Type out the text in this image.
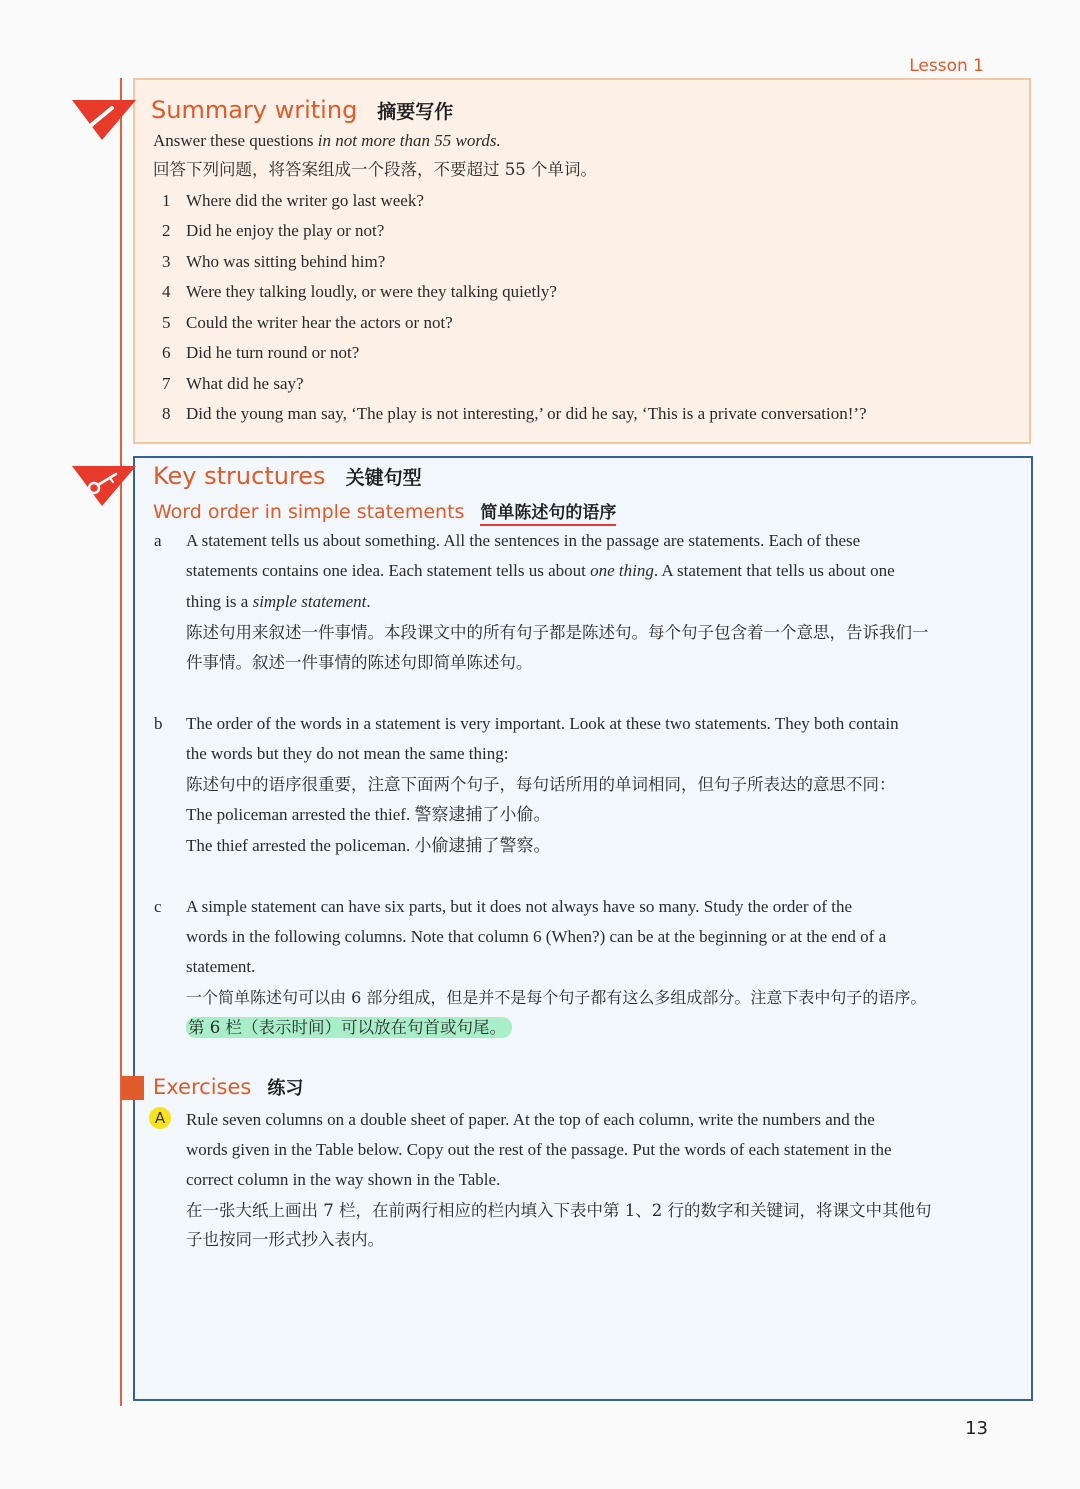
Lesson 1
Summary writing 摘要写作
Answer these questions in not more than 55 words.
回答下列问题，将答案组成一个段落，不要超过 55 个单词。
1 Where did the writer go last week?
2 Did he enjoy the play or not?
3 Who was sitting behind him?
4 Were they talking loudly, or were they talking quietly?
5 Could the writer hear the actors or not?
6 Did he turn round or not?
7 What did he say?
8 Did the young man say, ‘The play is not interesting,’ or did he say, ‘This is a private conversation!’?
Key structures 关键句型
Word order in simple statements 简单陈述句的语序
a A statement tells us about something. All the sentences in the passage are statements. Each of these
statements contains one idea. Each statement tells us about one thing. A statement that tells us about one
thing is a simple statement.
陈述句用来叙述一件事情。本段课文中的所有句子都是陈述句。每个句子包含着一个意思，告诉我们一
件事情。叙述一件事情的陈述句即简单陈述句。
b The order of the words in a statement is very important. Look at these two statements. They both contain
the words but they do not mean the same thing:
陈述句中的语序很重要，注意下面两个句子，每句话所用的单词相同，但句子所表达的意思不同：
The policeman arrested the thief. 警察逮捕了小偷。
The thief arrested the policeman. 小偷逮捕了警察。
c A simple statement can have six parts, but it does not always have so many. Study the order of the
words in the following columns. Note that column 6 (When?) can be at the beginning or at the end of a
statement.
一个简单陈述句可以由 6 部分组成，但是并不是每个句子都有这么多组成部分。注意下表中句子的语序。
第 6 栏（表示时间）可以放在句首或句尾。
Exercises 练习
A	Rule seven columns on a double sheet of paper. At the top of each column, write the numbers and the
words given in the Table below. Copy out the rest of the passage. Put the words of each statement in the
correct column in the way shown in the Table.
在一张大纸上画出 7 栏，在前两行相应的栏内填入下表中第 1、2 行的数字和关键词，将课文中其他句
子也按同一形式抄入表内。
13
